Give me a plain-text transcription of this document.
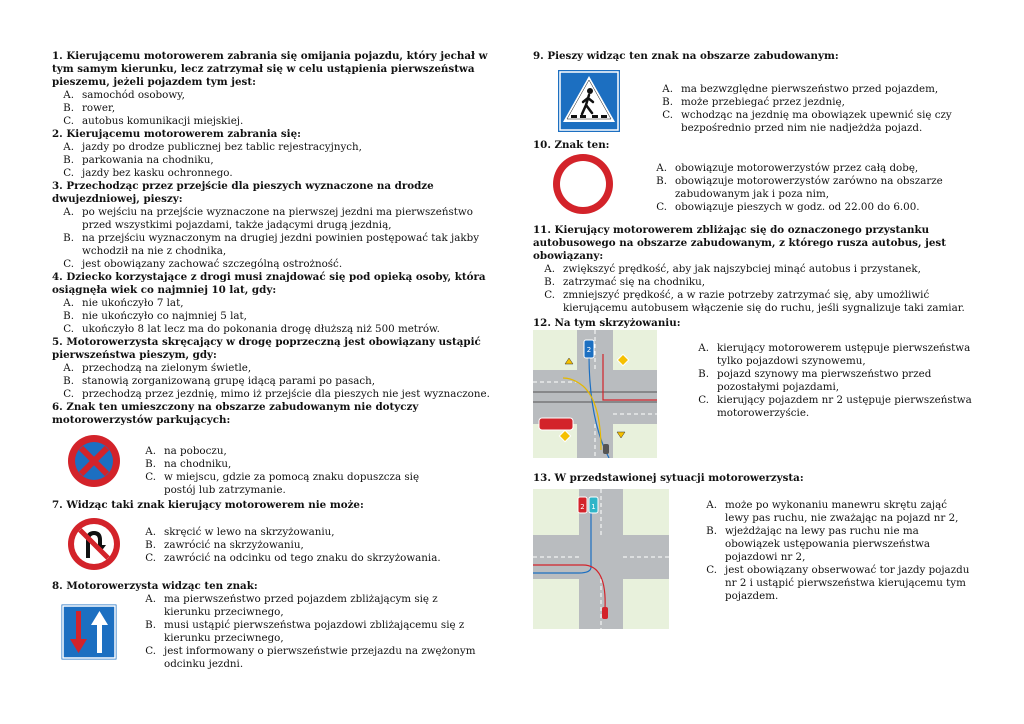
1. Kierującemu motorowerem zabrania się omijania pojazdu, który jechał w tym samym kierunku, lecz zatrzymał się w celu ustąpienia pierwszeństwa pieszemu, jeżeli pojazdem tym jest:

A. samochód osobowy,
B. rower,
C. autobus komunikacji miejskiej.

2. Kierującemu motorowerem zabrania się:

A. jazdy po drodze publicznej bez tablic rejestracyjnych,
B. parkowania na chodniku,
C. jazdy bez kasku ochronnego.

3. Przechodząc przez przejście dla pieszych wyznaczone na drodze dwujezdniowej, pieszy:

A. po wejściu na przejście wyznaczone na pierwszej jezdni ma pierwszeństwo przed wszystkimi pojazdami, także jadącymi drugą jezdnią,
B. na przejściu wyznaczonym na drugiej jezdni powinien postępować tak jakby wchodził na nie z chodnika,
C. jest obowiązany zachować szczególną ostrożność.

4. Dziecko korzystające z drogi musi znajdować się pod opieką osoby, która osiągnęła wiek co najmniej 10 lat, gdy:

A. nie ukończyło 7 lat,
B. nie ukończyło co najmniej 5 lat,
C. ukończyło 8 lat lecz ma do pokonania drogę dłuższą niż 500 metrów.

5. Motorowerzysta skręcający w drogę poprzeczną jest obowiązany ustąpić pierwszeństwa pieszym, gdy:

A. przechodzą na zielonym świetle,
B. stanowią zorganizowaną grupę idącą parami po pasach,
C. przechodzą przez jezdnię, mimo iż przejście dla pieszych nie jest wyznaczone.

6. Znak ten umieszczony na obszarze zabudowanym nie dotyczy motorowerzystów parkujących:

A. na poboczu,
B. na chodniku,
C. w miejscu, gdzie za pomocą znaku dopuszcza się postój lub zatrzymanie.

7. Widząc taki znak kierujący motorowerem nie może:

A. skręcić w lewo na skrzyżowaniu,
B. zawrócić na skrzyżowaniu,
C. zawrócić na odcinku od tego znaku do skrzyżowania.

8. Motorowerzysta widząc ten znak:

A. ma pierwszeństwo przed pojazdem zbliżającym się z kierunku przeciwnego,
B. musi ustąpić pierwszeństwa pojazdowi zbliżającemu się z kierunku przeciwnego,
C. jest informowany o pierwszeństwie przejazdu na zwężonym odcinku jezdni.

9. Pieszy widząc ten znak na obszarze zabudowanym:

A. ma bezwzględne pierwszeństwo przed pojazdem,
B. może przebiegać przez jezdnię,
C. wchodząc na jezdnię ma obowiązek upewnić się czy bezpośrednio przed nim nie nadjeżdża pojazd.

10. Znak ten:

A. obowiązuje motorowerzystów przez całą dobę,
B. obowiązuje motorowerzystów zarówno na obszarze zabudowanym jak i poza nim,
C. obowiązuje pieszych w godz. od 22.00 do 6.00.

11. Kierujący motorowerem zbliżając się do oznaczonego przystanku autobusowego na obszarze zabudowanym, z którego rusza autobus, jest obowiązany:

A. zwiększyć prędkość, aby jak najszybciej minąć autobus i przystanek,
B. zatrzymać się na chodniku,
C. zmniejszyć prędkość, a w razie potrzeby zatrzymać się, aby umożliwić kierującemu autobusem włączenie się do ruchu, jeśli sygnalizuje taki zamiar.

12. Na tym skrzyżowaniu:

2	A. kierujący motorowerem ustępuje pierwszeństwa tylko pojazdowi szynowemu,
B. pojazd szynowy ma pierwszeństwo przed pozostałymi pojazdami,
C. kierujący pojazdem nr 2 ustępuje pierwszeństwa motorowerzyście.

13. W przedstawionej sytuacji motorowerzysta:

2 1	A. może po wykonaniu manewru skrętu zająć lewy pas ruchu, nie zważając na pojazd nr 2,
B. wjeżdżając na lewy pas ruchu nie ma obowiązek ustępowania pierwszeństwa pojazdowi nr 2,
C. jest obowiązany obserwować tor jazdy pojazdu nr 2 i ustąpić pierwszeństwa kierującemu tym pojazdem.
